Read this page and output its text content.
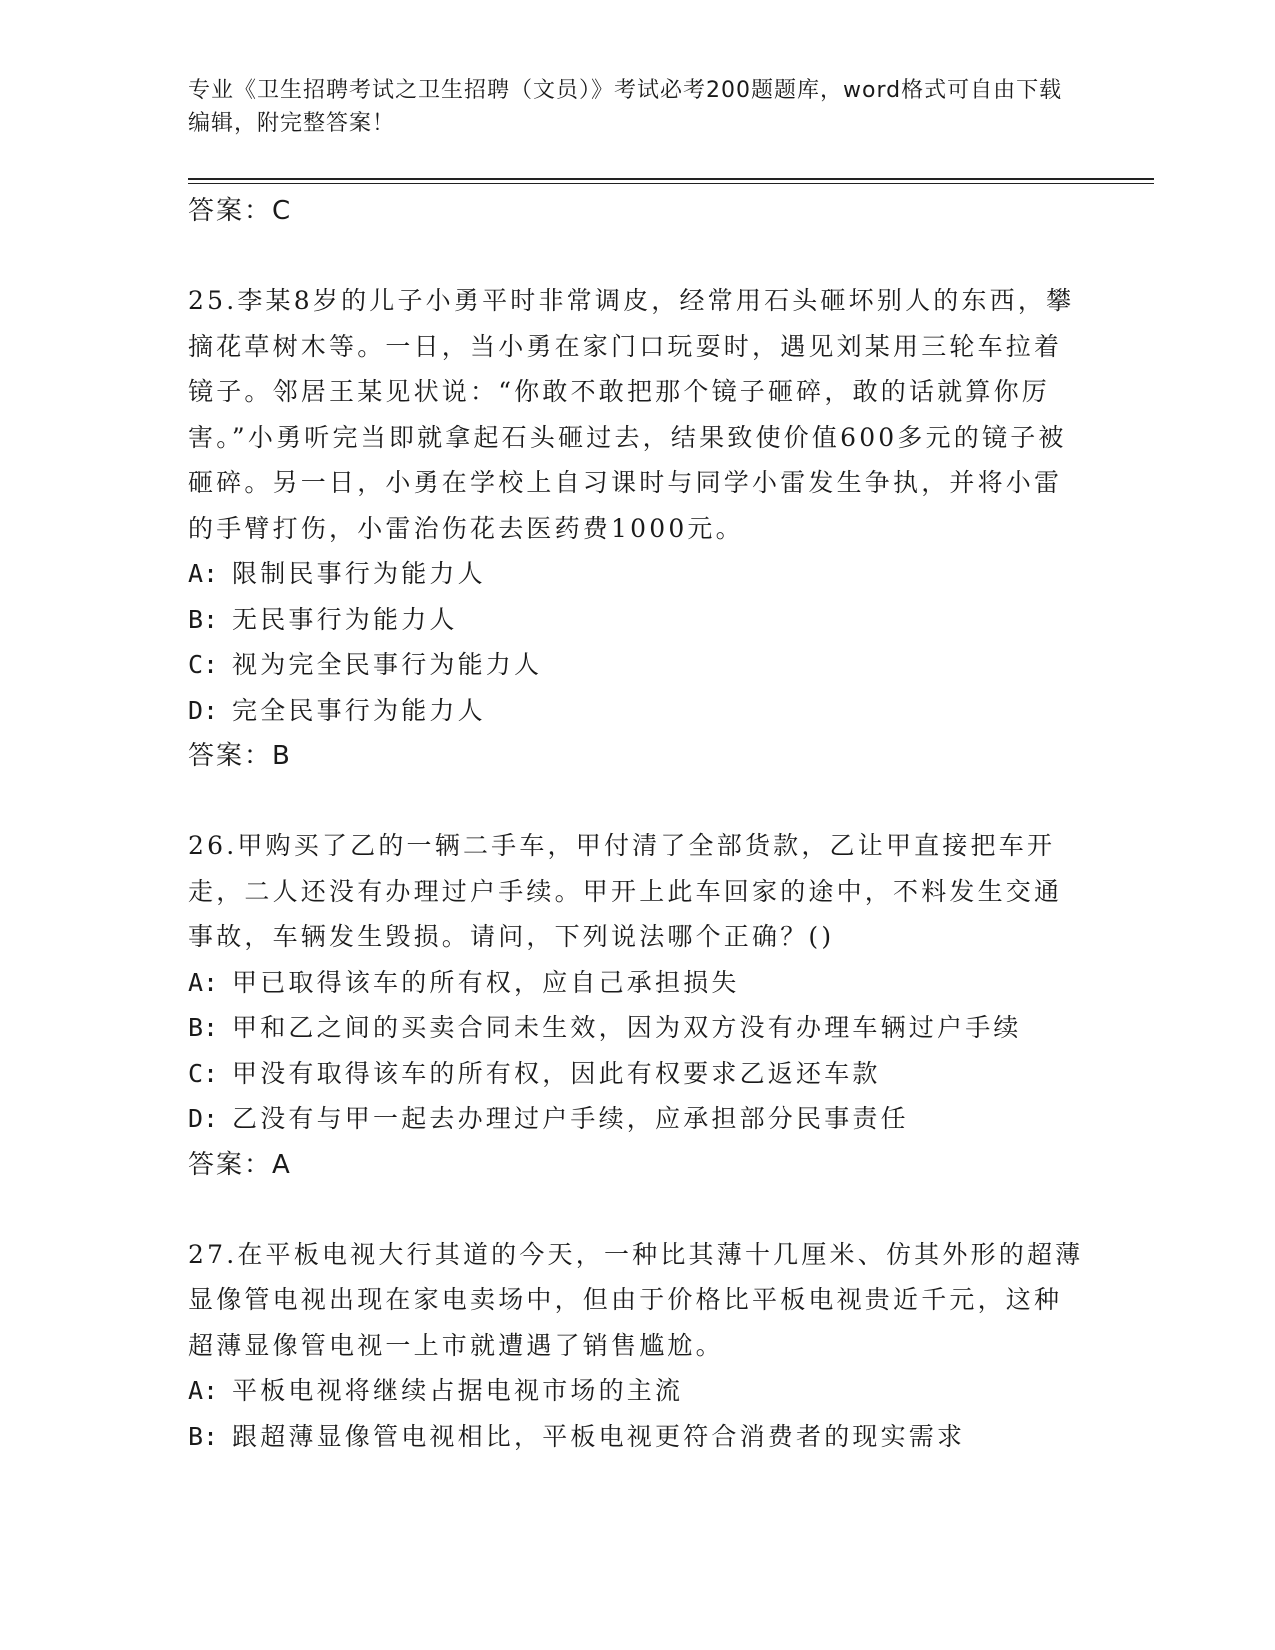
专业《卫生招聘考试之卫生招聘（文员）》考试必考200题题库，word格式可自由下载编辑，附完整答案！
答案：C
25.李某8岁的儿子小勇平时非常调皮，经常用石头砸坏别人的东西，攀摘花草树木等。一日，当小勇在家门口玩耍时，遇见刘某用三轮车拉着镜子。邻居王某见状说：“你敢不敢把那个镜子砸碎，敢的话就算你厉害。”小勇听完当即就拿起石头砸过去，结果致使价值600多元的镜子被砸碎。另一日，小勇在学校上自习课时与同学小雷发生争执，并将小雷的手臂打伤，小雷治伤花去医药费1000元。
A: 限制民事行为能力人
B: 无民事行为能力人
C: 视为完全民事行为能力人
D: 完全民事行为能力人
答案：B
26.甲购买了乙的一辆二手车，甲付清了全部货款，乙让甲直接把车开走，二人还没有办理过户手续。甲开上此车回家的途中，不料发生交通事故，车辆发生毁损。请问，下列说法哪个正确？()
A: 甲已取得该车的所有权，应自己承担损失
B: 甲和乙之间的买卖合同未生效，因为双方没有办理车辆过户手续
C: 甲没有取得该车的所有权，因此有权要求乙返还车款
D: 乙没有与甲一起去办理过户手续，应承担部分民事责任
答案：A
27.在平板电视大行其道的今天，一种比其薄十几厘米、仿其外形的超薄显像管电视出现在家电卖场中，但由于价格比平板电视贵近千元，这种超薄显像管电视一上市就遭遇了销售尴尬。
A: 平板电视将继续占据电视市场的主流
B: 跟超薄显像管电视相比，平板电视更符合消费者的现实需求
